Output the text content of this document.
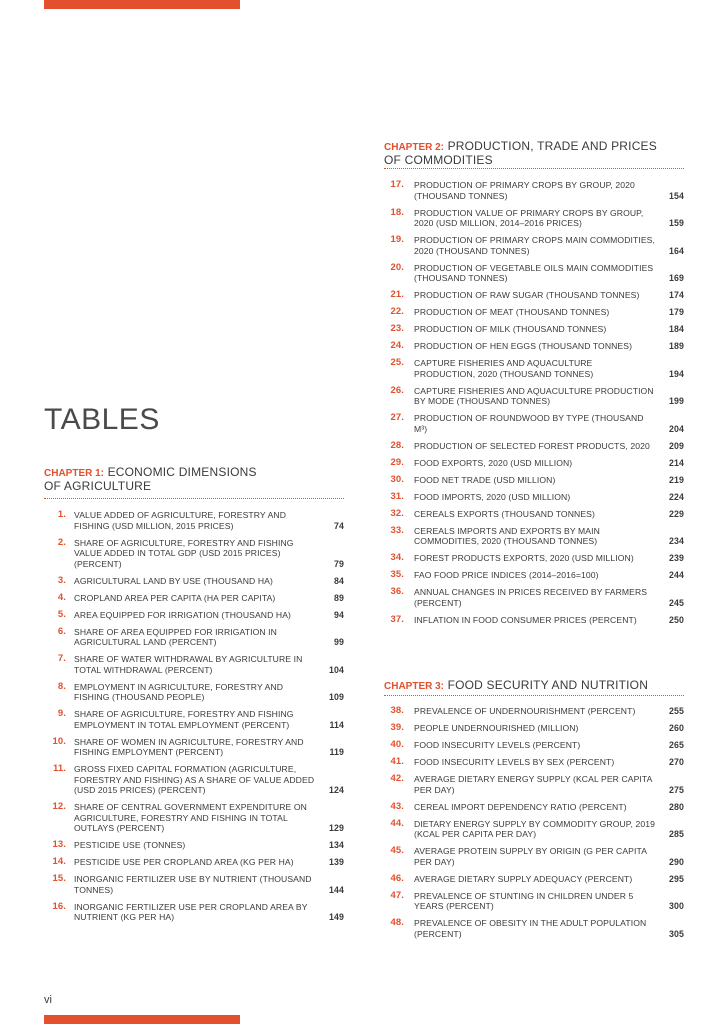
CHAPTER 2: PRODUCTION, TRADE AND PRICES
OF COMMODITIES
17.	PRODUCTION OF PRIMARY CROPS BY GROUP, 2020 (THOUSAND TONNES)	154
18.	PRODUCTION VALUE OF PRIMARY CROPS BY GROUP, 2020 (USD MILLION, 2014–2016 PRICES)	159
19.	PRODUCTION OF PRIMARY CROPS MAIN COMMODITIES, 2020 (THOUSAND TONNES)	164
20.	PRODUCTION OF VEGETABLE OILS MAIN COMMODITIES (THOUSAND TONNES)	169
21.	PRODUCTION OF RAW SUGAR (THOUSAND TONNES)	174
22.	PRODUCTION OF MEAT (THOUSAND TONNES)	179
23.	PRODUCTION OF MILK (THOUSAND TONNES)	184
24.	PRODUCTION OF HEN EGGS (THOUSAND TONNES)	189
25.	CAPTURE FISHERIES AND AQUACULTURE PRODUCTION, 2020 (THOUSAND TONNES)	194
26.	CAPTURE FISHERIES AND AQUACULTURE PRODUCTION BY MODE (THOUSAND TONNES)	199
27.	PRODUCTION OF ROUNDWOOD BY TYPE (THOUSAND M³)	204
28.	PRODUCTION OF SELECTED FOREST PRODUCTS, 2020	209
29.	FOOD EXPORTS, 2020 (USD MILLION)	214
30.	FOOD NET TRADE (USD MILLION)	219
31.	FOOD IMPORTS, 2020 (USD MILLION)	224
32.	CEREALS EXPORTS (THOUSAND TONNES)	229
33.	CEREALS IMPORTS AND EXPORTS BY MAIN COMMODITIES, 2020 (THOUSAND TONNES)	234
34.	FOREST PRODUCTS EXPORTS, 2020 (USD MILLION)	239
35.	FAO FOOD PRICE INDICES (2014–2016=100)	244
36.	ANNUAL CHANGES IN PRICES RECEIVED BY FARMERS (PERCENT)	245
37.	INFLATION IN FOOD CONSUMER PRICES (PERCENT)	250
TABLES
CHAPTER 1: ECONOMIC DIMENSIONS
OF AGRICULTURE
1. VALUE ADDED OF AGRICULTURE, FORESTRY AND FISHING (USD MILLION, 2015 PRICES)	74
2. SHARE OF AGRICULTURE, FORESTRY AND FISHING VALUE ADDED IN TOTAL GDP (USD 2015 PRICES) (PERCENT)	79
3. AGRICULTURAL LAND BY USE (THOUSAND HA)	84
4. CROPLAND AREA PER CAPITA (HA PER CAPITA)	89
5. AREA EQUIPPED FOR IRRIGATION (THOUSAND HA)	94
6. SHARE OF AREA EQUIPPED FOR IRRIGATION IN AGRICULTURAL LAND (PERCENT)	99
7. SHARE OF WATER WITHDRAWAL BY AGRICULTURE IN TOTAL WITHDRAWAL (PERCENT)	104
8. EMPLOYMENT IN AGRICULTURE, FORESTRY AND FISHING (THOUSAND PEOPLE)	109
9. SHARE OF AGRICULTURE, FORESTRY AND FISHING EMPLOYMENT IN TOTAL EMPLOYMENT (PERCENT)	114
10. SHARE OF WOMEN IN AGRICULTURE, FORESTRY AND FISHING EMPLOYMENT (PERCENT)	119
11. GROSS FIXED CAPITAL FORMATION (AGRICULTURE, FORESTRY AND FISHING) AS A SHARE OF VALUE ADDED (USD 2015 PRICES) (PERCENT)	124
12. SHARE OF CENTRAL GOVERNMENT EXPENDITURE ON AGRICULTURE, FORESTRY AND FISHING IN TOTAL OUTLAYS (PERCENT)	129
13. PESTICIDE USE (TONNES)	134
14. PESTICIDE USE PER CROPLAND AREA (KG PER HA)	139
15. INORGANIC FERTILIZER USE BY NUTRIENT (THOUSAND TONNES)	144
16. INORGANIC FERTILIZER USE PER CROPLAND AREA BY NUTRIENT (KG PER HA)	149
CHAPTER 3: FOOD SECURITY AND NUTRITION
38.	PREVALENCE OF UNDERNOURISHMENT (PERCENT)	255
39.	PEOPLE UNDERNOURISHED (MILLION)	260
40.	FOOD INSECURITY LEVELS (PERCENT)	265
41.	FOOD INSECURITY LEVELS BY SEX (PERCENT)	270
42.	AVERAGE DIETARY ENERGY SUPPLY (KCAL PER CAPITA PER DAY)	275
43.	CEREAL IMPORT DEPENDENCY RATIO (PERCENT)	280
44.	DIETARY ENERGY SUPPLY BY COMMODITY GROUP, 2019 (KCAL PER CAPITA PER DAY)	285
45.	AVERAGE PROTEIN SUPPLY BY ORIGIN (G PER CAPITA PER DAY)	290
46.	AVERAGE DIETARY SUPPLY ADEQUACY (PERCENT)	295
47.	PREVALENCE OF STUNTING IN CHILDREN UNDER 5 YEARS (PERCENT)	300
48.	PREVALENCE OF OBESITY IN THE ADULT POPULATION (PERCENT)	305
vi
